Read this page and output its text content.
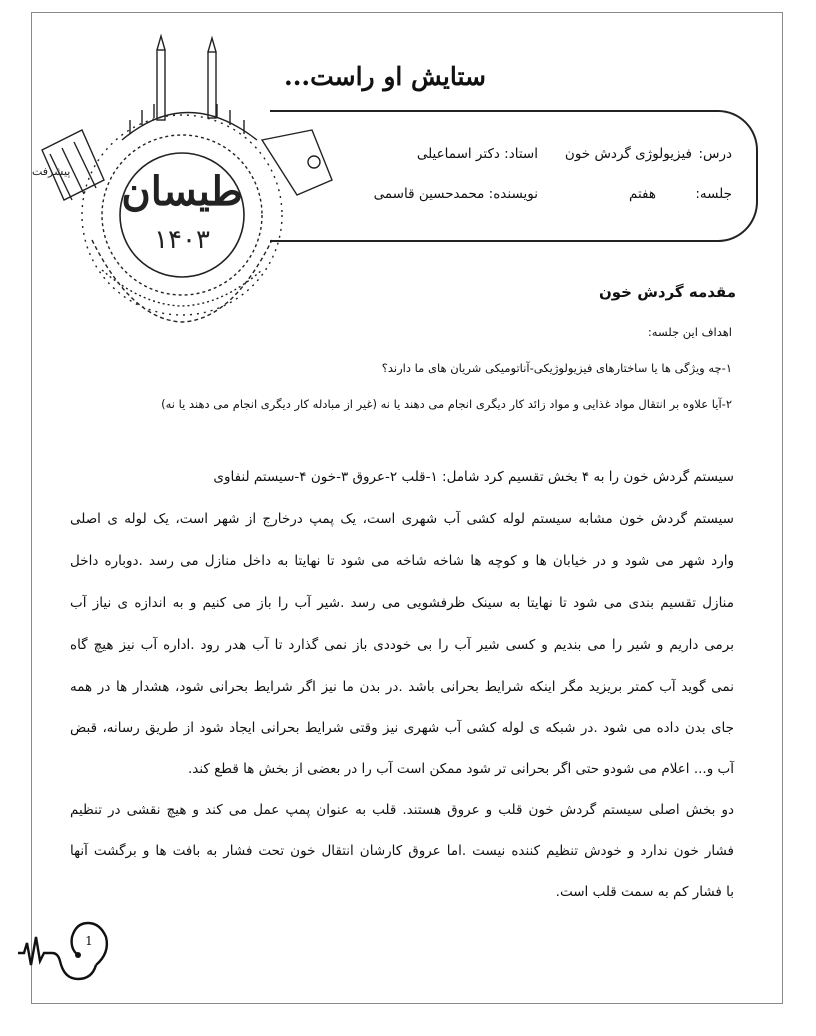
طیسان
۱۴۰۳
پیشرفت
ستایش او راست...
درس:
فیزیولوژی گردش خون
استاد: دکتر اسماعیلی
جلسه:
هفتم
نویسنده: محمدحسین قاسمی
مقدمه گردش خون
اهداف این جلسه:
۱-چه ویژگی ها یا ساختارهای فیزیولوژیکی-آناتومیکی شریان های ما دارند؟
۲-آیا علاوه بر انتقال مواد غذایی و مواد زائد کار دیگری انجام می دهند یا نه (غیر از مبادله کار دیگری انجام می دهند یا نه)
سیستم گردش خون را به ۴ بخش تقسیم کرد شامل: ۱-قلب ۲-عروق ۳-خون ۴-سیستم لنفاوی
سیستم گردش خون مشابه سیستم لوله کشی آب شهری است، یک پمپ درخارج از شهر است، یک لوله ی اصلی
وارد شهر می شود و در خیابان ها و کوچه ها شاخه شاخه می شود تا نهایتا به داخل منازل می رسد .دوباره داخل
منازل تقسیم بندی می شود تا نهایتا به سینک ظرفشویی می رسد .شیر آب را باز می کنیم و به اندازه ی نیاز آب
برمی داریم و شیر را می بندیم و کسی شیر آب را بی خوددی باز نمی گذارد تا آب هدر رود .اداره آب نیز هیچ گاه
نمی گوید آب کمتر بریزید مگر اینکه شرایط بحرانی باشد .در بدن ما نیز اگر شرایط بحرانی شود، هشدار ها در همه
جای بدن داده می شود .در شبکه ی لوله کشی آب شهری نیز وقتی شرایط بحرانی ایجاد شود از طریق رسانه، قبض
آب و... اعلام می شودو حتی اگر بحرانی تر شود ممکن است آب را در بعضی از بخش ها قطع کند.
دو بخش اصلی سیستم گردش خون قلب و عروق هستند. قلب به عنوان پمپ عمل می کند و هیچ نقشی در تنظیم
فشار خون ندارد و خودش تنظیم کننده نیست .اما عروق کارشان انتقال خون تحت فشار به بافت ها و برگشت آنها
با فشار کم به سمت قلب است.
1
